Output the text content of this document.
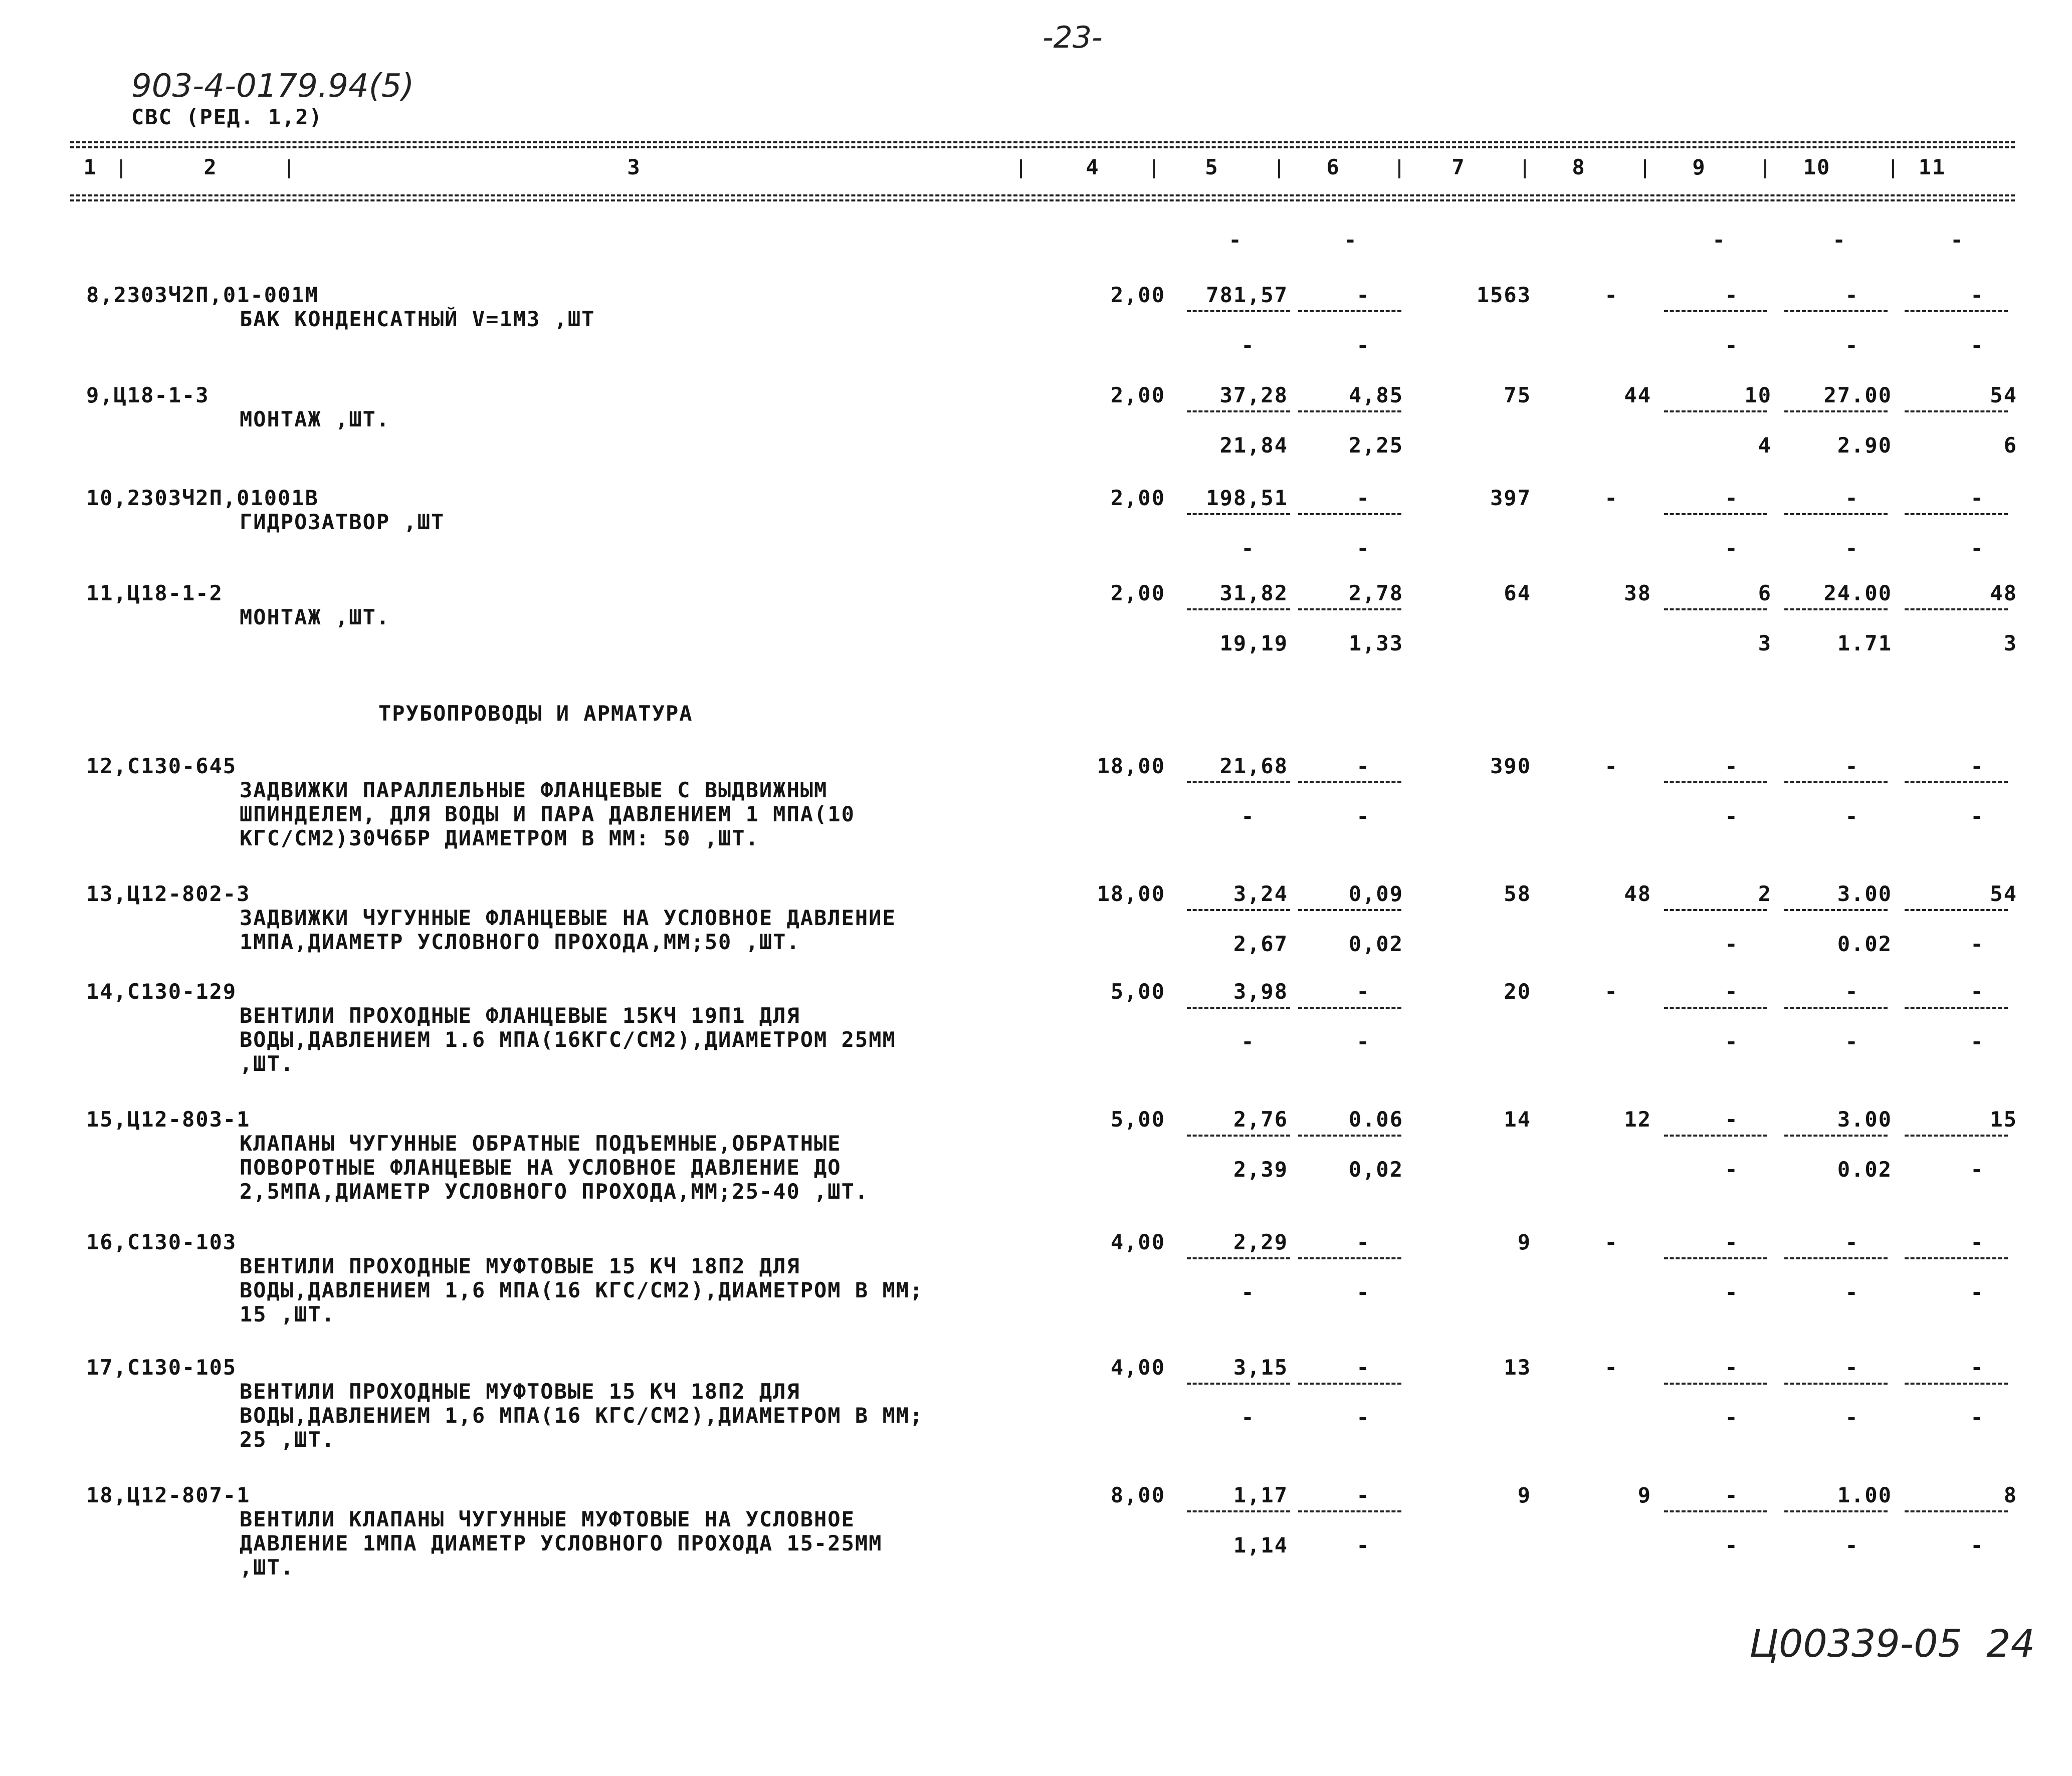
-23-
903-4-0179.94(5)
СВС (РЕД. 1,2)
1	2	3	4	5	6	7	8	9	10	11
-	-	-	-	-
ТРУБОПРОВОДЫ И АРМАТУРА
8,2303Ч2П,01-001М
БАК КОНДЕНСАТНЫЙ V=1М3 ,ШТ
2,00	781,57	-	1563	-	-	-	-
-	-	-	-	-
9,Ц18-1-3
МОНТАЖ ,ШТ.
2,00	37,28	4,85	75	44	10	27.00	54
21,84	2,25	4	2.90	6
10,2303Ч2П,01001В
ГИДРОЗАТВОР ,ШТ
2,00	198,51	-	397	-	-	-	-
-	-	-	-	-
11,Ц18-1-2
МОНТАЖ ,ШТ.
2,00	31,82	2,78	64	38	6	24.00	48
19,19	1,33	3	1.71	3
12,С130-645
ЗАДВИЖКИ ПАРАЛЛЕЛЬНЫЕ ФЛАНЦЕВЫЕ С ВЫДВИЖНЫМ
ШПИНДЕЛЕМ, ДЛЯ ВОДЫ И ПАРА ДАВЛЕНИЕМ 1 МПА(10
КГС/СМ2)30Ч6БР ДИАМЕТРОМ В ММ: 50 ,ШТ.
18,00	21,68	-	390	-	-	-	-
-	-	-	-	-
13,Ц12-802-3
ЗАДВИЖКИ ЧУГУННЫЕ ФЛАНЦЕВЫЕ НА УСЛОВНОЕ ДАВЛЕНИЕ
1МПА,ДИАМЕТР УСЛОВНОГО ПРОХОДА,ММ;50 ,ШТ.
18,00	3,24	0,09	58	48	2	3.00	54
2,67	0,02	-	0.02	-
14,С130-129
ВЕНТИЛИ ПРОХОДНЫЕ ФЛАНЦЕВЫЕ 15КЧ 19П1 ДЛЯ
ВОДЫ,ДАВЛЕНИЕМ 1.6 МПА(16КГС/СМ2),ДИАМЕТРОМ 25ММ
,ШТ.
5,00	3,98	-	20	-	-	-	-
-	-	-	-	-
15,Ц12-803-1
КЛАПАНЫ ЧУГУННЫЕ ОБРАТНЫЕ ПОДЪЕМНЫЕ,ОБРАТНЫЕ
ПОВОРОТНЫЕ ФЛАНЦЕВЫЕ НА УСЛОВНОЕ ДАВЛЕНИЕ ДО
2,5МПА,ДИАМЕТР УСЛОВНОГО ПРОХОДА,ММ;25-40 ,ШТ.
5,00	2,76	0.06	14	12	-	3.00	15
2,39	0,02	-	0.02	-
16,С130-103
ВЕНТИЛИ ПРОХОДНЫЕ МУФТОВЫЕ 15 КЧ 18П2 ДЛЯ
ВОДЫ,ДАВЛЕНИЕМ 1,6 МПА(16 КГС/СМ2),ДИАМЕТРОМ В ММ;
15 ,ШТ.
4,00	2,29	-	9	-	-	-	-
-	-	-	-	-
17,С130-105
ВЕНТИЛИ ПРОХОДНЫЕ МУФТОВЫЕ 15 КЧ 18П2 ДЛЯ
ВОДЫ,ДАВЛЕНИЕМ 1,6 МПА(16 КГС/СМ2),ДИАМЕТРОМ В ММ;
25 ,ШТ.
4,00	3,15	-	13	-	-	-	-
-	-	-	-	-
18,Ц12-807-1
ВЕНТИЛИ КЛАПАНЫ ЧУГУННЫЕ МУФТОВЫЕ НА УСЛОВНОЕ
ДАВЛЕНИЕ 1МПА ДИАМЕТР УСЛОВНОГО ПРОХОДА 15-25ММ
,ШТ.
8,00	1,17	-	9	9	-	1.00	8
1,14	-	-	-	-
Ц00339-05  24
